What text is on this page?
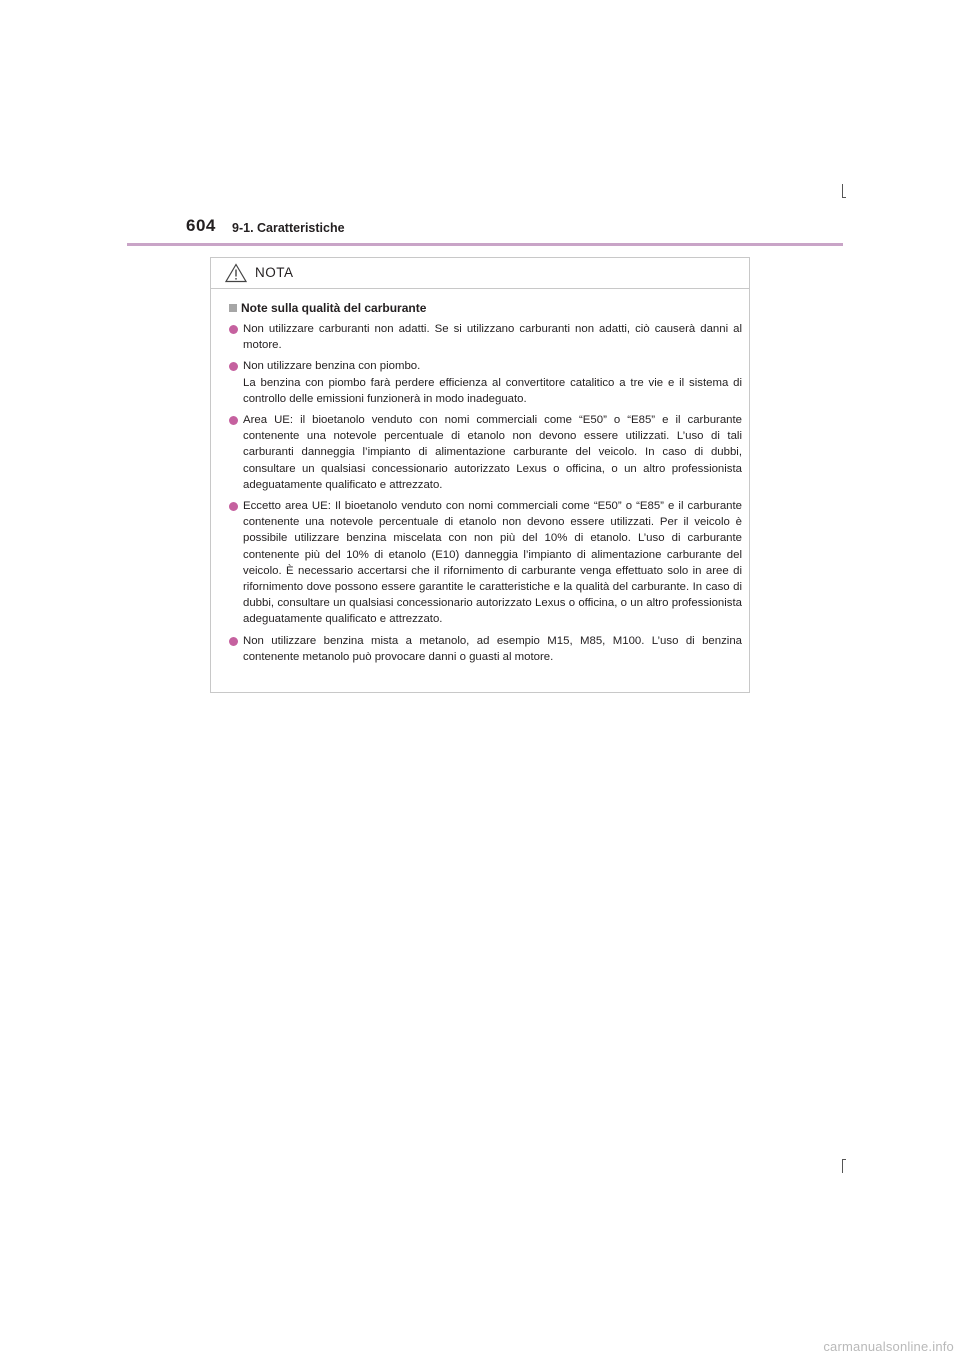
604 9-1. Caratteristiche
NOTA
Note sulla qualità del carburante

Non utilizzare carburanti non adatti. Se si utilizzano carburanti non adatti, ciò causerà danni al motore.

Non utilizzare benzina con piombo.

La benzina con piombo farà perdere efficienza al convertitore catalitico a tre vie e il sistema di controllo delle emissioni funzionerà in modo inadeguato.

Area UE: il bioetanolo venduto con nomi commerciali come “E50” o “E85” e il carburante contenente una notevole percentuale di etanolo non devono essere utilizzati. L’uso di tali carburanti danneggia l’impianto di alimentazione carburante del veicolo. In caso di dubbi, consultare un qualsiasi concessionario autorizzato Lexus o officina, o un altro professionista adeguatamente qualificato e attrezzato.

Eccetto area UE: Il bioetanolo venduto con nomi commerciali come “E50” o “E85” e il carburante contenente una notevole percentuale di etanolo non devono essere utilizzati. Per il veicolo è possibile utilizzare benzina miscelata con non più del 10% di etanolo. L’uso di carburante contenente più del 10% di etanolo (E10) danneggia l’impianto di alimentazione carburante del veicolo. È necessario accertarsi che il rifornimento di carburante venga effettuato solo in aree di rifornimento dove possono essere garantite le caratteristiche e la qualità del carburante. In caso di dubbi, consultare un qualsiasi concessionario autorizzato Lexus o officina, o un altro professionista adeguatamente qualificato e attrezzato.

Non utilizzare benzina mista a metanolo, ad esempio M15, M85, M100. L’uso di benzina contenente metanolo può provocare danni o guasti al motore.

carmanualsonline.info
